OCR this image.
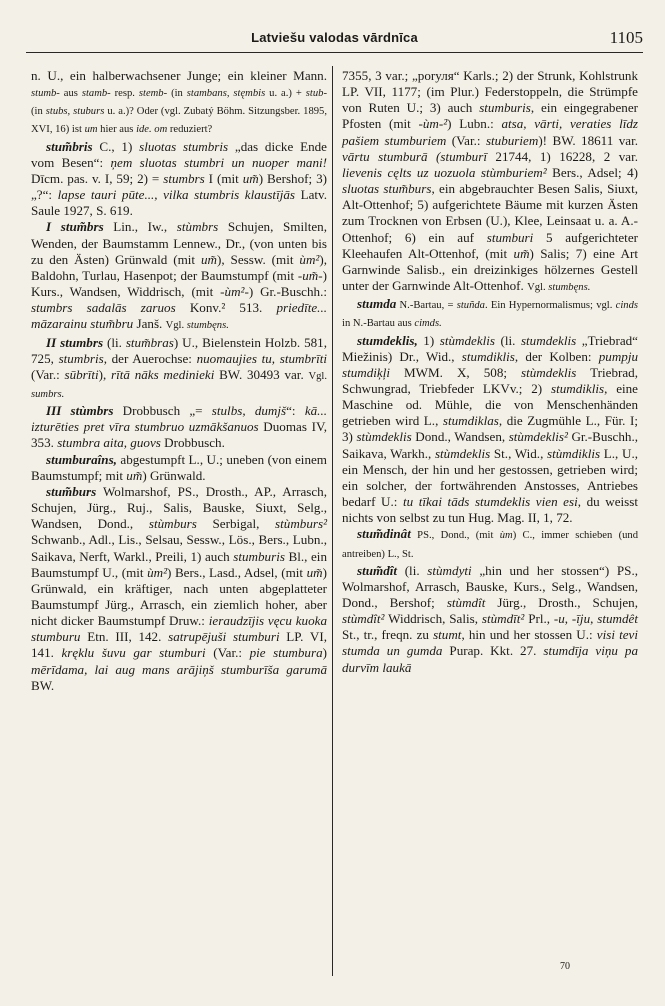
Latviešu valodas vārdnīca	1105

n. U., ein halberwachsener Junge; ein kleiner Mann. stumb- aus stamb- resp. stemb- (in stambans, stęmbis u. a.) + stub- (in stubs, stuburs u. a.)? Oder (vgl. Zubatý Böhm. Sitzungsber. 1895, XVI, 16) ist um hier aus ide. om reduziert?

stum̃bris C., 1) sluotas stumbris „das dicke Ende vom Besen“: ņem sluotas stumbri un nuoper mani! Dīcm. pas. v. I, 59; 2) = stumbrs I (mit um̃) Bershof; 3) „?“: lapse tauri pūte..., vilka stumbris klaustījās Latv. Saule 1927, S. 619.

I stum̃brs Lin., Iw., stùmbrs Schujen, Smilten, Wenden, der Baumstamm Lennew., Dr., (von unten bis zu den Ästen) Grünwald (mit um̃), Sessw. (mit ùm²), Baldohn, Turlau, Hasenpot; der Baumstumpf (mit -um̃-) Kurs., Wandsen, Widdrisch, (mit -ùm²-) Gr.-Buschh.: stumbrs sadalās zaruos Konv.² 513. priedīte... māzarainu stum̃bru Janš. Vgl. stumbęns.

II stumbrs (li. stum̃bras) U., Bielenstein Holzb. 581, 725, stumbris, der Auerochse: nuomaujies tu, stumbrīti (Var.: sūbrīti), rītā nāks medinieki BW. 30493 var. Vgl. sumbrs.

III stùmbrs Drobbusch „= stulbs, dumjš“: kā... izturēties pret vīra stumbruo uzmākšanuos Duomas IV, 353. stumbra aita, guovs Drobbusch.

stumburaîns, abgestumpft L., U.; uneben (von einem Baumstumpf; mit um̃) Grünwald.

stum̃burs Wolmarshof, PS., Drosth., AP., Arrasch, Schujen, Jürg., Ruj., Salis, Bauske, Siuxt, Selg., Wandsen, Dond., stùmburs Serbigal, stùmburs² Schwanb., Adl., Lis., Selsau, Sessw., Lös., Bers., Lubn., Saikava, Nerft, Warkl., Preili, 1) auch stumburis Bl., ein Baumstumpf U., (mit ùm²) Bers., Lasd., Adsel, (mit um̃) Grünwald, ein kräftiger, nach unten abgeplatteter Baumstumpf Jürg., Arrasch, ein ziemlich hoher, aber nicht dicker Baumstumpf Druw.: ieraudzījis vęcu kuoka stumburu Etn. III, 142. satrupējuši stumburi LP. VI, 141. kręklu šuvu gar stumburi (Var.: pie stumbura) mērīdama, lai aug mans arājiņš stumburīša garumā BW.

7355, 3 var.; „porуля“ Karls.; 2) der Strunk, Kohlstrunk LP. VII, 1177; (im Plur.) Federstoppeln, die Strümpfe von Ruten U.; 3) auch stumburis, ein eingegrabener Pfosten (mit -ùm-²) Lubn.: atsa, vārti, veraties līdz pašiem stumburiem (Var.: stuburiem)! BW. 18611 var. vārtu stumburā (stumburī 21744, 1) 16228, 2 var. lievenis cęlts uz uozuola stùmburiem² Bers., Adsel; 4) sluotas stum̃burs, ein abgebrauchter Besen Salis, Siuxt, Alt-Ottenhof; 5) aufgerichtete Bäume mit kurzen Ästen zum Trocknen von Erbsen (U.), Klee, Leinsaat u. a. A.-Ottenhof; 6) ein auf stumburi 5 aufgerichteter Kleehaufen Alt-Ottenhof, (mit um̃) Salis; 7) eine Art Garnwinde Salisb., ein dreizinkiges hölzernes Gestell unter der Garnwinde Alt-Ottenhof. Vgl. stumbęns.

stumda N.-Bartau, = stuñda. Ein Hypernormalismus; vgl. cinds in N.-Bartau aus cimds.

stumdeklis, 1) stùmdeklis (li. stumdeklis „Triebrad“ Miežinis) Dr., Wid., stumdiklis, der Kolben: pumpju stumdiķļi MWM. X, 508; stùmdeklis Triebrad, Schwungrad, Triebfeder LKVv.; 2) stumdiklis, eine Maschine od. Mühle, die von Menschenhänden getrieben wird L., stumdiklas, die Zugmühle L., Für. I; 3) stùmdeklis Dond., Wandsen, stùmdeklis² Gr.-Buschh., Saikava, Warkh., stùmdeklis St., Wid., stùmdiklis L., U., ein Mensch, der hin und her gestossen, getrieben wird; ein solcher, der fortwährenden Anstosses, Antriebes bedarf U.: tu tīkai tāds stumdeklis vien esi, du weisst nichts von selbst zu tun Hug. Mag. II, 1, 72.

stum̃dinât PS., Dond., (mit ùm) C., immer schieben (und antreiben) L., St.

stum̃dît (li. stùmdyti „hin und her stossen“) PS., Wolmarshof, Arrasch, Bauske, Kurs., Selg., Wandsen, Dond., Bershof; stùmdît Jürg., Drosth., Schujen, stùmdît² Widdrisch, Salis, stùmdīt² Prl., -u, -īju, stumdêt St., tr., freqn. zu stumt, hin und her stossen U.: visi tevi stumda un gumda Purap. Kkt. 27. stumdīja viņu pa durvīm laukā

70
